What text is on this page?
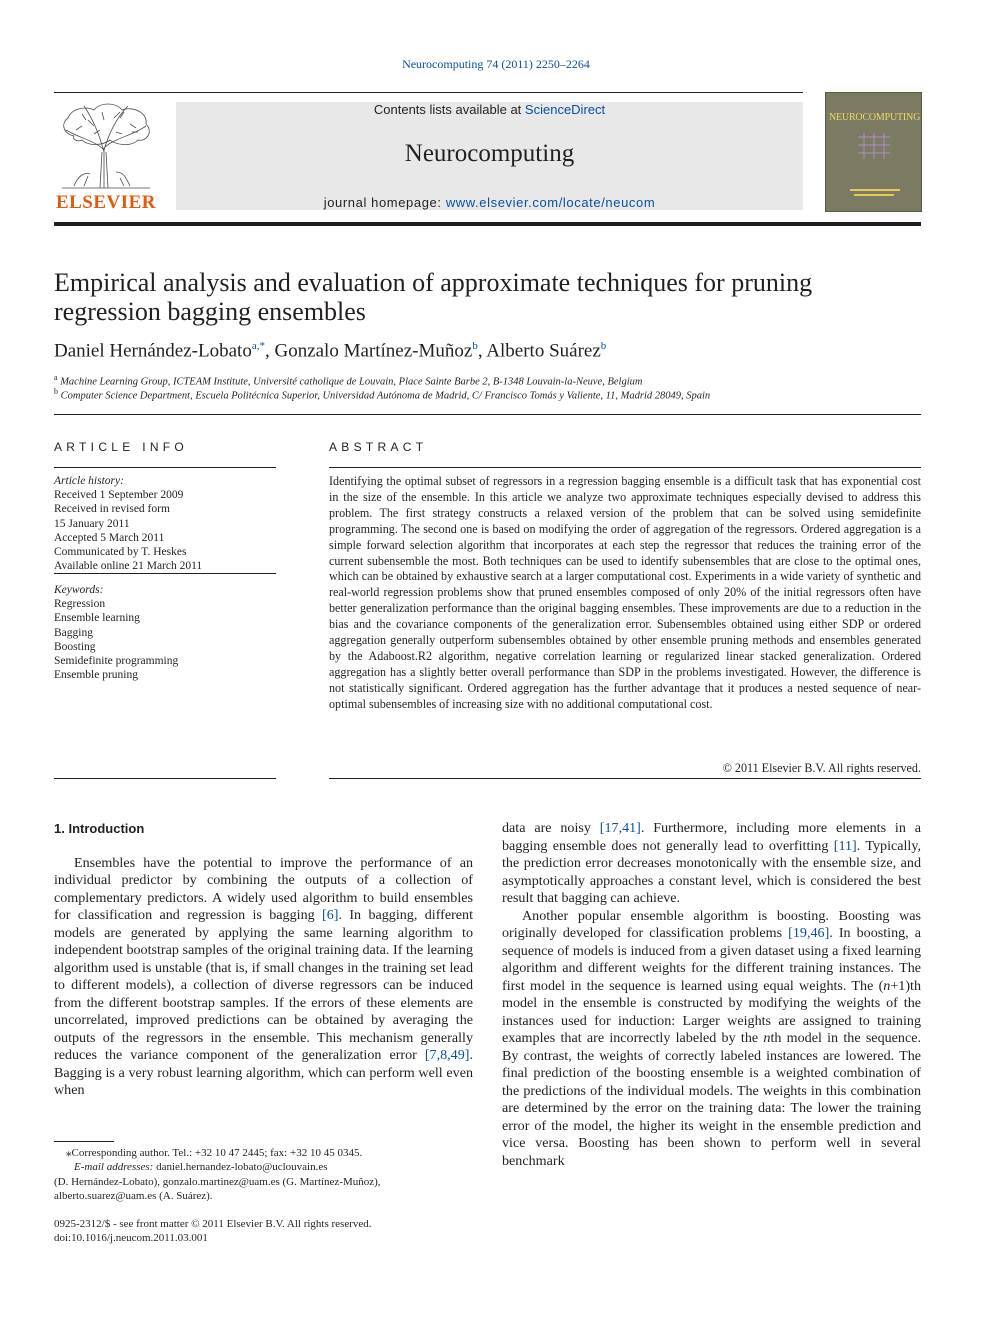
Neurocomputing 74 (2011) 2250–2264
ELSEVIER
Contents lists available at ScienceDirect
Neurocomputing
journal homepage: www.elsevier.com/locate/neucom
NEUROCOMPUTING
Empirical analysis and evaluation of approximate techniques for pruning regression bagging ensembles
Daniel Hernández-Lobato$^{a,*}$, Gonzalo Martínez-Muñoz$^b$, Alberto Suárez$^b$
$^a$ Machine Learning Group, ICTEAM Institute, Université catholique de Louvain, Place Sainte Barbe 2, B-1348 Louvain-la-Neuve, Belgium
$^b$ Computer Science Department, Escuela Politécnica Superior, Universidad Autónoma de Madrid, C/ Francisco Tomás y Valiente, 11, Madrid 28049, Spain
ARTICLE INFO
Article history:
Received 1 September 2009
Received in revised form
15 January 2011
Accepted 5 March 2011
Communicated by T. Heskes
Available online 21 March 2011
Keywords:
Regression
Ensemble learning
Bagging
Boosting
Semidefinite programming
Ensemble pruning
ABSTRACT
Identifying the optimal subset of regressors in a regression bagging ensemble is a difficult task that has exponential cost in the size of the ensemble. In this article we analyze two approximate techniques especially devised to address this problem. The first strategy constructs a relaxed version of the problem that can be solved using semidefinite programming. The second one is based on modifying the order of aggregation of the regressors. Ordered aggregation is a simple forward selection algorithm that incorporates at each step the regressor that reduces the training error of the current subensemble the most. Both techniques can be used to identify subensembles that are close to the optimal ones, which can be obtained by exhaustive search at a larger computational cost. Experiments in a wide variety of synthetic and real-world regression problems show that pruned ensembles composed of only 20% of the initial regressors often have better generalization performance than the original bagging ensembles. These improvements are due to a reduction in the bias and the covariance components of the generalization error. Subensembles obtained using either SDP or ordered aggregation generally outperform subensembles obtained by other ensemble pruning methods and ensembles generated by the Adaboost.R2 algorithm, negative correlation learning or regularized linear stacked generalization. Ordered aggregation has a slightly better overall performance than SDP in the problems investigated. However, the difference is not statistically significant. Ordered aggregation has the further advantage that it produces a nested sequence of near-optimal subensembles of increasing size with no additional computational cost.
© 2011 Elsevier B.V. All rights reserved.
1. Introduction

Ensembles have the potential to improve the performance of an individual predictor by combining the outputs of a collection of complementary predictors. A widely used algorithm to build ensembles for classification and regression is bagging [6]. In bagging, different models are generated by applying the same learning algorithm to independent bootstrap samples of the original training data. If the learning algorithm used is unstable (that is, if small changes in the training set lead to different models), a collection of diverse regressors can be induced from the different bootstrap samples. If the errors of these elements are uncorrelated, improved predictions can be obtained by averaging the outputs of the regressors in the ensemble. This mechanism generally reduces the variance component of the generalization error [7,8,49]. Bagging is a very robust learning algorithm, which can perform well even when

data are noisy [17,41]. Furthermore, including more elements in a bagging ensemble does not generally lead to overfitting [11]. Typically, the prediction error decreases monotonically with the ensemble size, and asymptotically approaches a constant level, which is considered the best result that bagging can achieve.

Another popular ensemble algorithm is boosting. Boosting was originally developed for classification problems [19,46]. In boosting, a sequence of models is induced from a given dataset using a fixed learning algorithm and different weights for the different training instances. The first model in the sequence is learned using equal weights. The (n+1)th model in the ensemble is constructed by modifying the weights of the instances used for induction: Larger weights are assigned to training examples that are incorrectly labeled by the nth model in the sequence. By contrast, the weights of correctly labeled instances are lowered. The final prediction of the boosting ensemble is a weighted combination of the predictions of the individual models. The weights in this combination are determined by the error on the training data: The lower the training error of the model, the higher its weight in the ensemble prediction and vice versa. Boosting has been shown to perform well in several benchmark

⁎Corresponding author. Tel.: +32 10 47 2445; fax: +32 10 45 0345.
E-mail addresses: daniel.hernandez-lobato@uclouvain.es
(D. Hernández-Lobato), gonzalo.martinez@uam.es (G. Martínez-Muñoz),
alberto.suarez@uam.es (A. Suárez).
0925-2312/$ - see front matter © 2011 Elsevier B.V. All rights reserved.
doi:10.1016/j.neucom.2011.03.001
